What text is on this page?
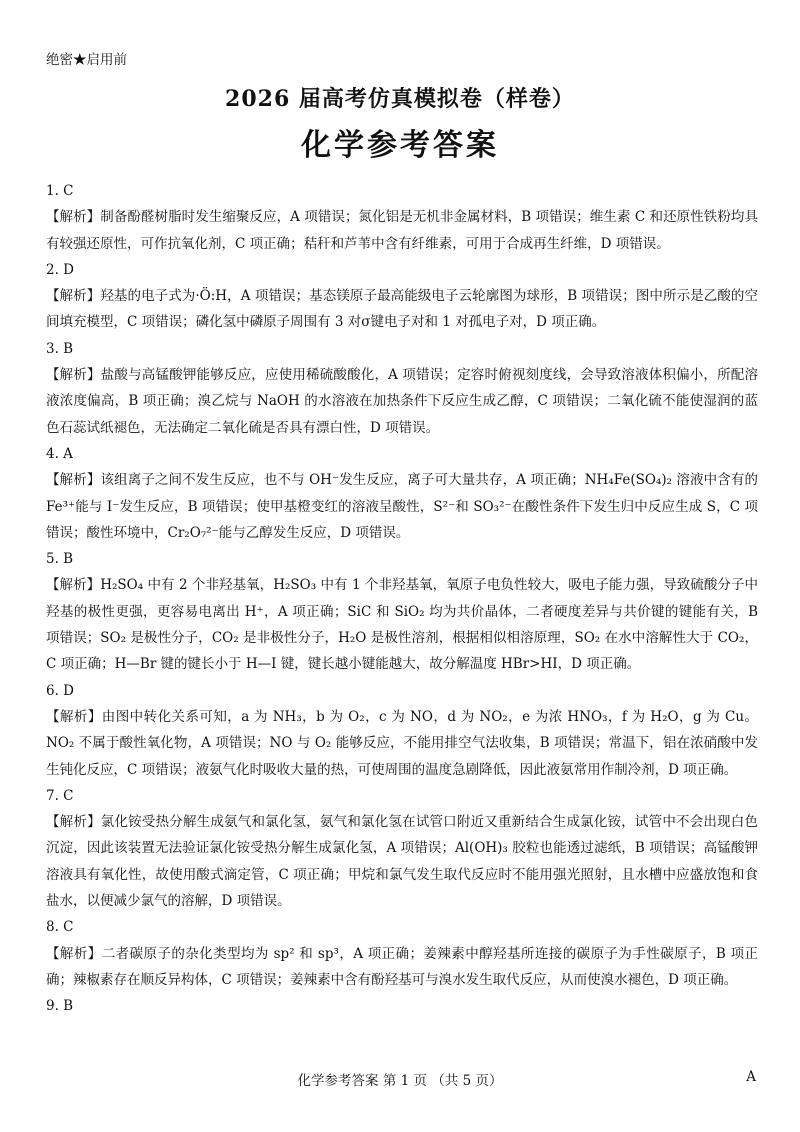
绝密★启用前
2026 届高考仿真模拟卷（样卷）
化学参考答案

1. C

【解析】制备酚醛树脂时发生缩聚反应，A 项错误；氮化铝是无机非金属材料，B 项错误；维生素 C 和还原性铁粉均具有较强还原性，可作抗氧化剂，C 项正确；秸秆和芦苇中含有纤维素，可用于合成再生纤维，D 项错误。

2. D

【解析】羟基的电子式为·Ö:H，A 项错误；基态镁原子最高能级电子云轮廓图为球形，B 项错误；图中所示是乙酸的空间填充模型，C 项错误；磷化氢中磷原子周围有 3 对σ键电子对和 1 对孤电子对，D 项正确。

3. B

【解析】盐酸与高锰酸钾能够反应，应使用稀硫酸酸化，A 项错误；定容时俯视刻度线，会导致溶液体积偏小，所配溶液浓度偏高，B 项正确；溴乙烷与 NaOH 的水溶液在加热条件下反应生成乙醇，C 项错误；二氧化硫不能使湿润的蓝色石蕊试纸褪色，无法确定二氧化硫是否具有漂白性，D 项错误。

4. A

【解析】该组离子之间不发生反应，也不与 OH⁻发生反应，离子可大量共存，A 项正确；NH₄Fe(SO₄)₂ 溶液中含有的 Fe³⁺能与 I⁻发生反应，B 项错误；使甲基橙变红的溶液呈酸性，S²⁻和 SO₃²⁻在酸性条件下发生归中反应生成 S，C 项错误；酸性环境中，Cr₂O₇²⁻能与乙醇发生反应，D 项错误。

5. B

【解析】H₂SO₄ 中有 2 个非羟基氧，H₂SO₃ 中有 1 个非羟基氧，氧原子电负性较大，吸电子能力强，导致硫酸分子中羟基的极性更强，更容易电离出 H⁺，A 项正确；SiC 和 SiO₂ 均为共价晶体，二者硬度差异与共价键的键能有关，B 项错误；SO₂ 是极性分子，CO₂ 是非极性分子，H₂O 是极性溶剂，根据相似相溶原理，SO₂ 在水中溶解性大于 CO₂，C 项正确；H—Br 键的键长小于 H—I 键，键长越小键能越大，故分解温度 HBr>HI，D 项正确。

6. D

【解析】由图中转化关系可知，a 为 NH₃，b 为 O₂，c 为 NO，d 为 NO₂，e 为浓 HNO₃，f 为 H₂O，g 为 Cu。NO₂ 不属于酸性氧化物，A 项错误；NO 与 O₂ 能够反应，不能用排空气法收集，B 项错误；常温下，铝在浓硝酸中发生钝化反应，C 项错误；液氨气化时吸收大量的热，可使周围的温度急剧降低，因此液氨常用作制冷剂，D 项正确。

7. C

【解析】氯化铵受热分解生成氨气和氯化氢，氨气和氯化氢在试管口附近又重新结合生成氯化铵，试管中不会出现白色沉淀，因此该装置无法验证氯化铵受热分解生成氯化氢，A 项错误；Al(OH)₃ 胶粒也能透过滤纸，B 项错误；高锰酸钾溶液具有氧化性，故使用酸式滴定管，C 项正确；甲烷和氯气发生取代反应时不能用强光照射，且水槽中应盛放饱和食盐水，以便减少氯气的溶解，D 项错误。

8. C

【解析】二者碳原子的杂化类型均为 sp² 和 sp³，A 项正确；姜辣素中醇羟基所连接的碳原子为手性碳原子，B 项正确；辣椒素存在顺反异构体，C 项错误；姜辣素中含有酚羟基可与溴水发生取代反应，从而使溴水褪色，D 项正确。

9. B

化学参考答案 第 1 页 （共 5 页）	A
